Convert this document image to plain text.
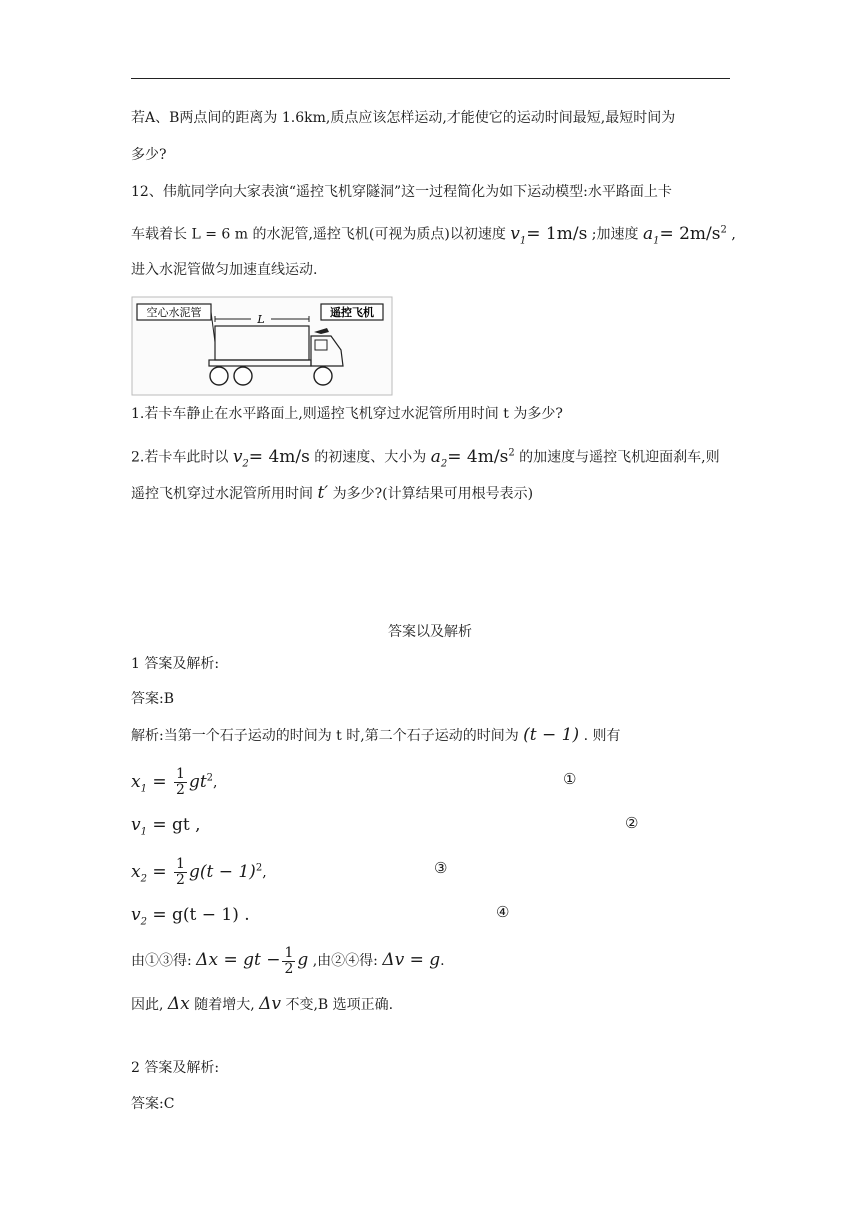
若A、B两点间的距离为 1.6km,质点应该怎样运动,才能使它的运动时间最短,最短时间为
多少?
12、伟航同学向大家表演“遥控飞机穿隧洞”这一过程简化为如下运动模型:水平路面上卡
车载着长 L = 6 m 的水泥管,遥控飞机(可视为质点)以初速度 $v_1= 1m/s$ ;加速度 $a_1= 2m/s^2$ ,
进入水泥管做匀加速直线运动.
空心水泥管
L
遥控飞机
1.若卡车静止在水平路面上,则遥控飞机穿过水泥管所用时间 t 为多少?
2.若卡车此时以 $v_2= 4m/s$ 的初速度、大小为 $a_2= 4m/s^2$ 的加速度与遥控飞机迎面刹车,则
遥控飞机穿过水泥管所用时间 t′ 为多少?(计算结果可用根号表示)
答案以及解析
1 答案及解析:
答案:B
解析:当第一个石子运动的时间为 t 时,第二个石子运动的时间为 (t − 1) . 则有
$x_1 = \frac{1}{2} gt^2$,	①
$v_1$ = gt ,	②
$x_2 = \frac{1}{2} g(t - 1)^2$,	③
$v_2 = g(t - 1)$ .	④
由①③得: Δx = gt − $\frac{1}{2}$ g ,由②④得: Δv = g.
因此, Δx 随着增大, Δv 不变,B 选项正确.
2 答案及解析:
答案:C
